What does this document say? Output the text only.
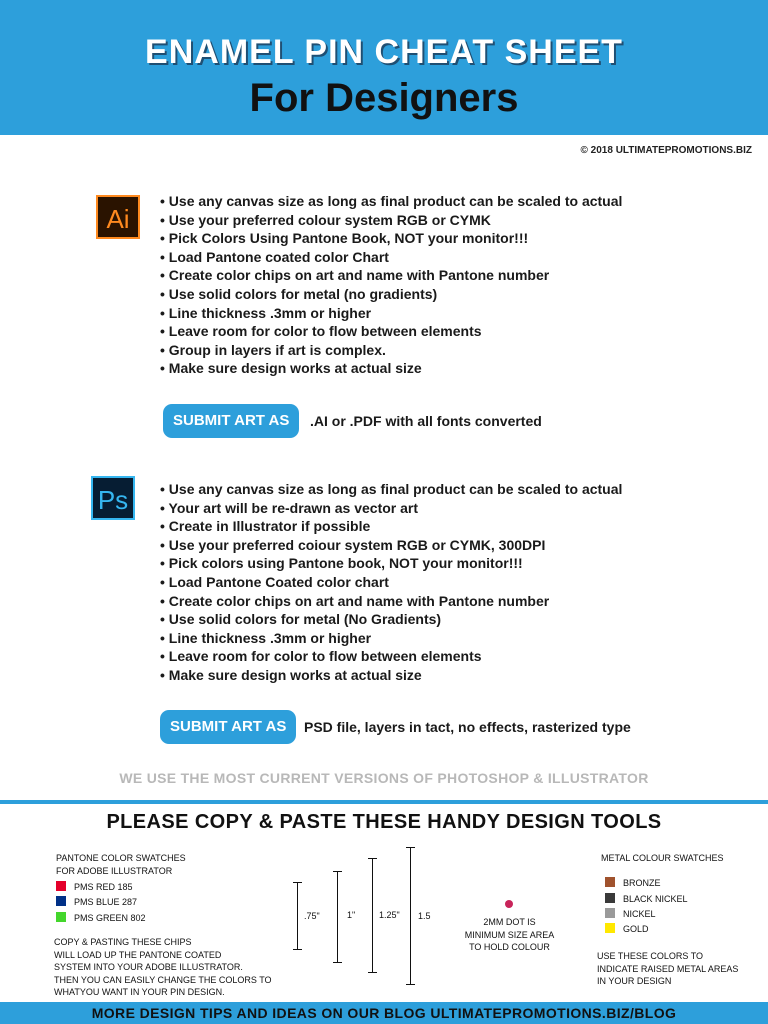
ENAMEL PIN CHEAT SHEET
For Designers
© 2018 ULTIMATEPROMOTIONS.BIZ
Ai
• Use any canvas size as long as final product can be scaled to actual
• Use your preferred colour system RGB or CYMK
• Pick Colors Using Pantone Book, NOT your monitor!!!
• Load Pantone coated color Chart
• Create color chips on art and name with Pantone number
• Use solid colors for metal (no gradients)
• Line thickness .3mm or higher
• Leave room for color to flow between elements
• Group in layers if art is complex.
• Make sure design works at actual size
SUBMIT ART AS	.AI or .PDF with all fonts converted
Ps
•	Use any canvas size as long as final product can be scaled to actual
• Your art will be re-drawn as vector art
• Create in Illustrator if possible
• Use your preferred coiour system RGB or CYMK, 300DPI
• Pick colors using Pantone book, NOT your monitor!!!
• Load Pantone Coated color chart
• Create color chips on art and name with Pantone number
• Use solid colors for metal (No Gradients)
• Line thickness .3mm or higher
• Leave room for color to flow between elements
• Make sure design works at actual size
SUBMIT ART AS	PSD file, layers in tact, no effects, rasterized type
WE USE THE MOST CURRENT VERSIONS OF PHOTOSHOP & ILLUSTRATOR
PLEASE COPY & PASTE THESE HANDY DESIGN TOOLS
PANTONE COLOR SWATCHES
FOR ADOBE ILLUSTRATOR
PMS RED 185
PMS BLUE 287
PMS GREEN 802
COPY & PASTING THESE CHIPS
WILL LOAD UP THE PANTONE COATED
SYSTEM INTO YOUR ADOBE ILLUSTRATOR.
THEN YOU CAN EASILY CHANGE THE COLORS TO
WHATYOU WANT IN YOUR PIN DESIGN.
.75"	1"	1.25" 1.5
2MM DOT IS
MINIMUM SIZE AREA
TO HOLD COLOUR
METAL COLOUR SWATCHES
BRONZE
BLACK NICKEL
NICKEL
GOLD
USE THESE COLORS TO
INDICATE RAISED METAL AREAS
IN YOUR DESIGN
MORE DESIGN TIPS AND IDEAS ON OUR BLOG ULTIMATEPROMOTIONS.BIZ/BLOG
